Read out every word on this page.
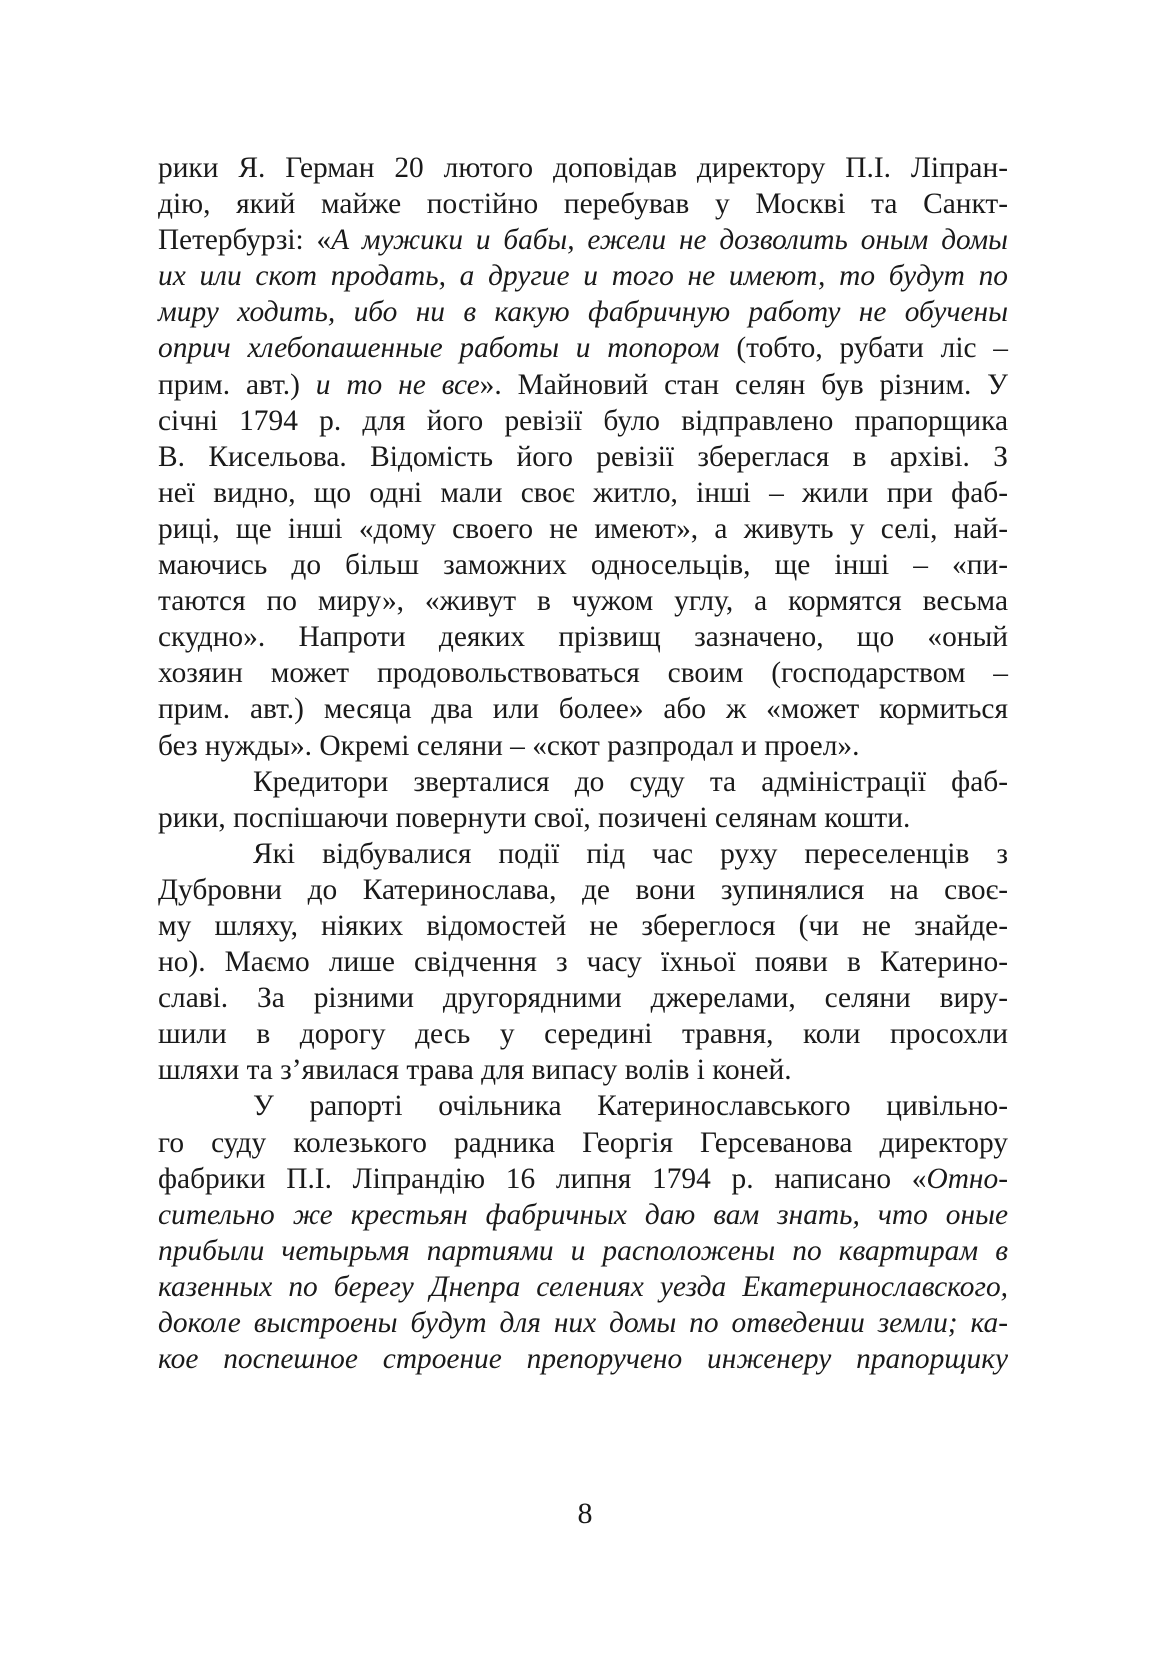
рики Я. Герман 20 лютого доповідав директору П.І. Ліпран-
дію, який майже постійно перебував у Москві та Санкт-
Петербурзі: «А мужики и бабы, ежели не дозволить оным домы
их или скот продать, а другие и того не имеют, то будут по
миру ходить, ибо ни в какую фабричную работу не обучены
оприч хлебопашенные работы и топором (тобто, рубати ліс –
прим. авт.) и то не все». Майновий стан селян був різним. У
січні 1794 р. для його ревізії було відправлено прапорщика
В. Кисельова. Відомість його ревізії збереглася в архіві. З
неї видно, що одні мали своє житло, інші – жили при фаб-
риці, ще інші «дому своего не имеют», а живуть у селі, най-
маючись до більш заможних односельців, ще інші – «пи-
таются по миру», «живут в чужом углу, а кормятся весьма
скудно». Напроти деяких прізвищ зазначено, що «оный
хозяин может продовольствоваться своим (господарством –
прим. авт.) месяца два или более» або ж «может кормиться
без нужды». Окремі селяни – «скот разпродал и проел».
Кредитори зверталися до суду та адміністрації фаб-
рики, поспішаючи повернути свої, позичені селянам кошти.
Які відбувалися події під час руху переселенців з
Дубровни до Катеринослава, де вони зупинялися на своє-
му шляху, ніяких відомостей не збереглося (чи не знайде-
но). Маємо лише свідчення з часу їхньої появи в Катерино-
славі. За різними другорядними джерелами, селяни виру-
шили в дорогу десь у середині травня, коли просохли
шляхи та з’явилася трава для випасу волів і коней.
У рапорті очільника Катеринославського цивільно-
го суду колезького радника Георгія Герсеванова директору
фабрики П.І. Ліпрандію 16 липня 1794 р. написано «Отно-
сительно же крестьян фабричных даю вам знать, что оные
прибыли четырьмя партиями и расположены по квартирам в
казенных по берегу Днепра селениях уезда Екатеринославского,
доколе выстроены будут для них домы по отведении земли; ка-
кое поспешное строение препоручено инженеру прапорщику
8
